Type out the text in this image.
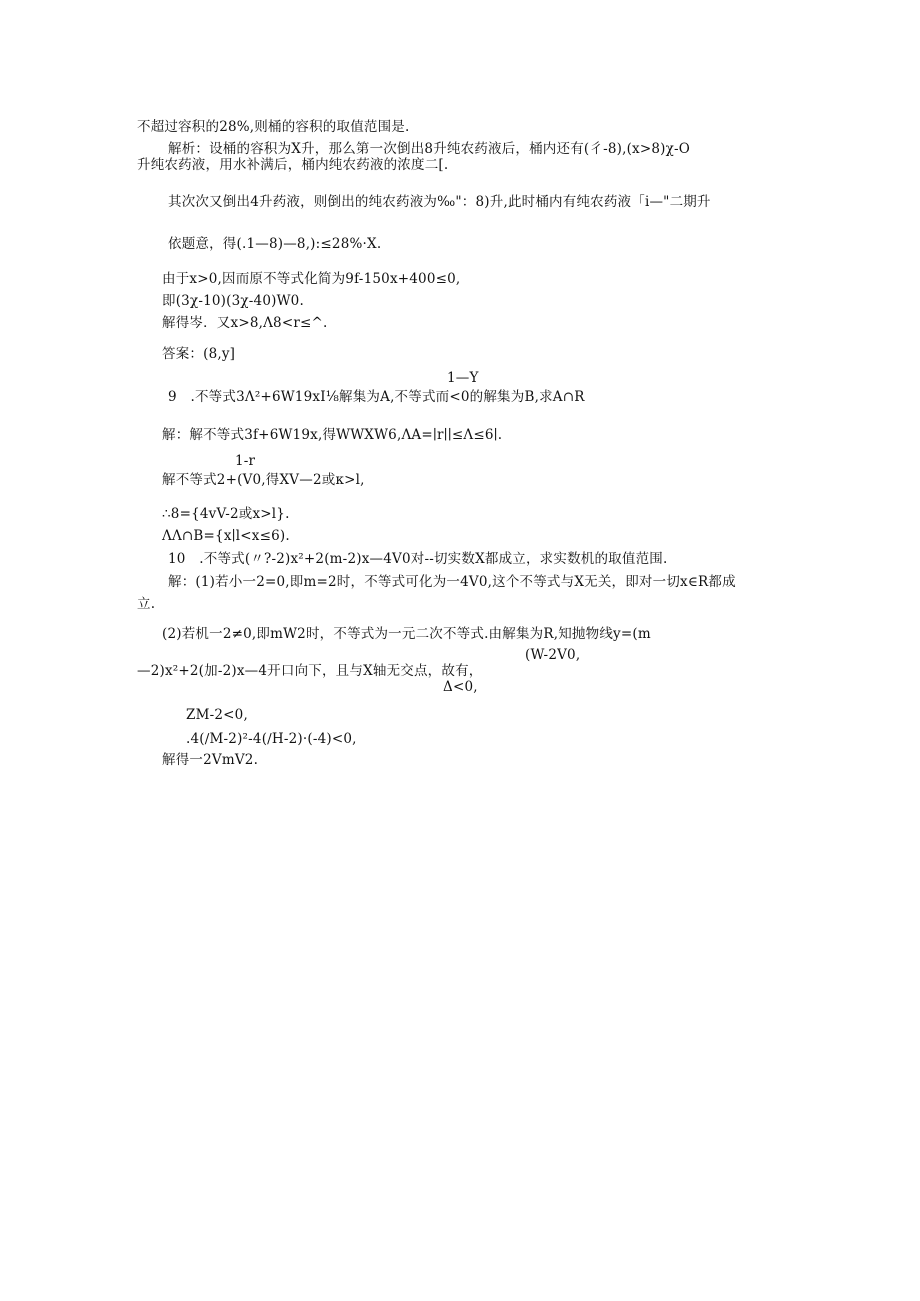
不超过容积的28%,则桶的容积的取值范围是.
解析：设桶的容积为X升，那么第一次倒出8升纯农药液后，桶内还有(彳-8),(x>8)χ-O
升纯农药液，用水补满后，桶内纯农药液的浓度二[.
其次次又倒出4升药液，则倒出的纯农药液为‰"：8)升,此时桶内有纯农药液「i—"二期升
依题意，得(.1—8)—8,):≤28%·X.
由于x>0,因而原不等式化简为9f-150x+400≤0,
即(3χ-10)(3χ-40)W0.
解得岑．又x>8,Λ8<r≤^.
答案：(8,y]
1—Y
9　.不等式3Λ²+6W19xI⅛解集为A,不等式而<0的解集为B,求A∩R
解：解不等式3f+6W19x,得WWXW6,ΛA=∣r∣∣≤Λ≤6∣.
1-r
解不等式2+(V0,得XV—2或κ>l,
∴8={4vV-2或x>l}.
ΛΛ∩B={x∣l<x≤6).
10　.不等式(〃?-2)x²+2(m-2)x—4V0对--切实数X都成立，求实数机的取值范围.
解：(1)若小一2=0,即m=2时，不等式可化为一4V0,这个不等式与X无关，即对一切x∈R都成
立.
(2)若机一2≠0,即mW2时，不等式为一元二次不等式.由解集为R,知抛物线y=(m
(W-2V0,
—2)x²+2(加-2)x—4开口向下，且与X轴无交点，故有，
Δ<0,
ZM-2<0,
.4(∕M-2)²-4(∕H-2)·(-4)<0,
解得一2VmV2.
